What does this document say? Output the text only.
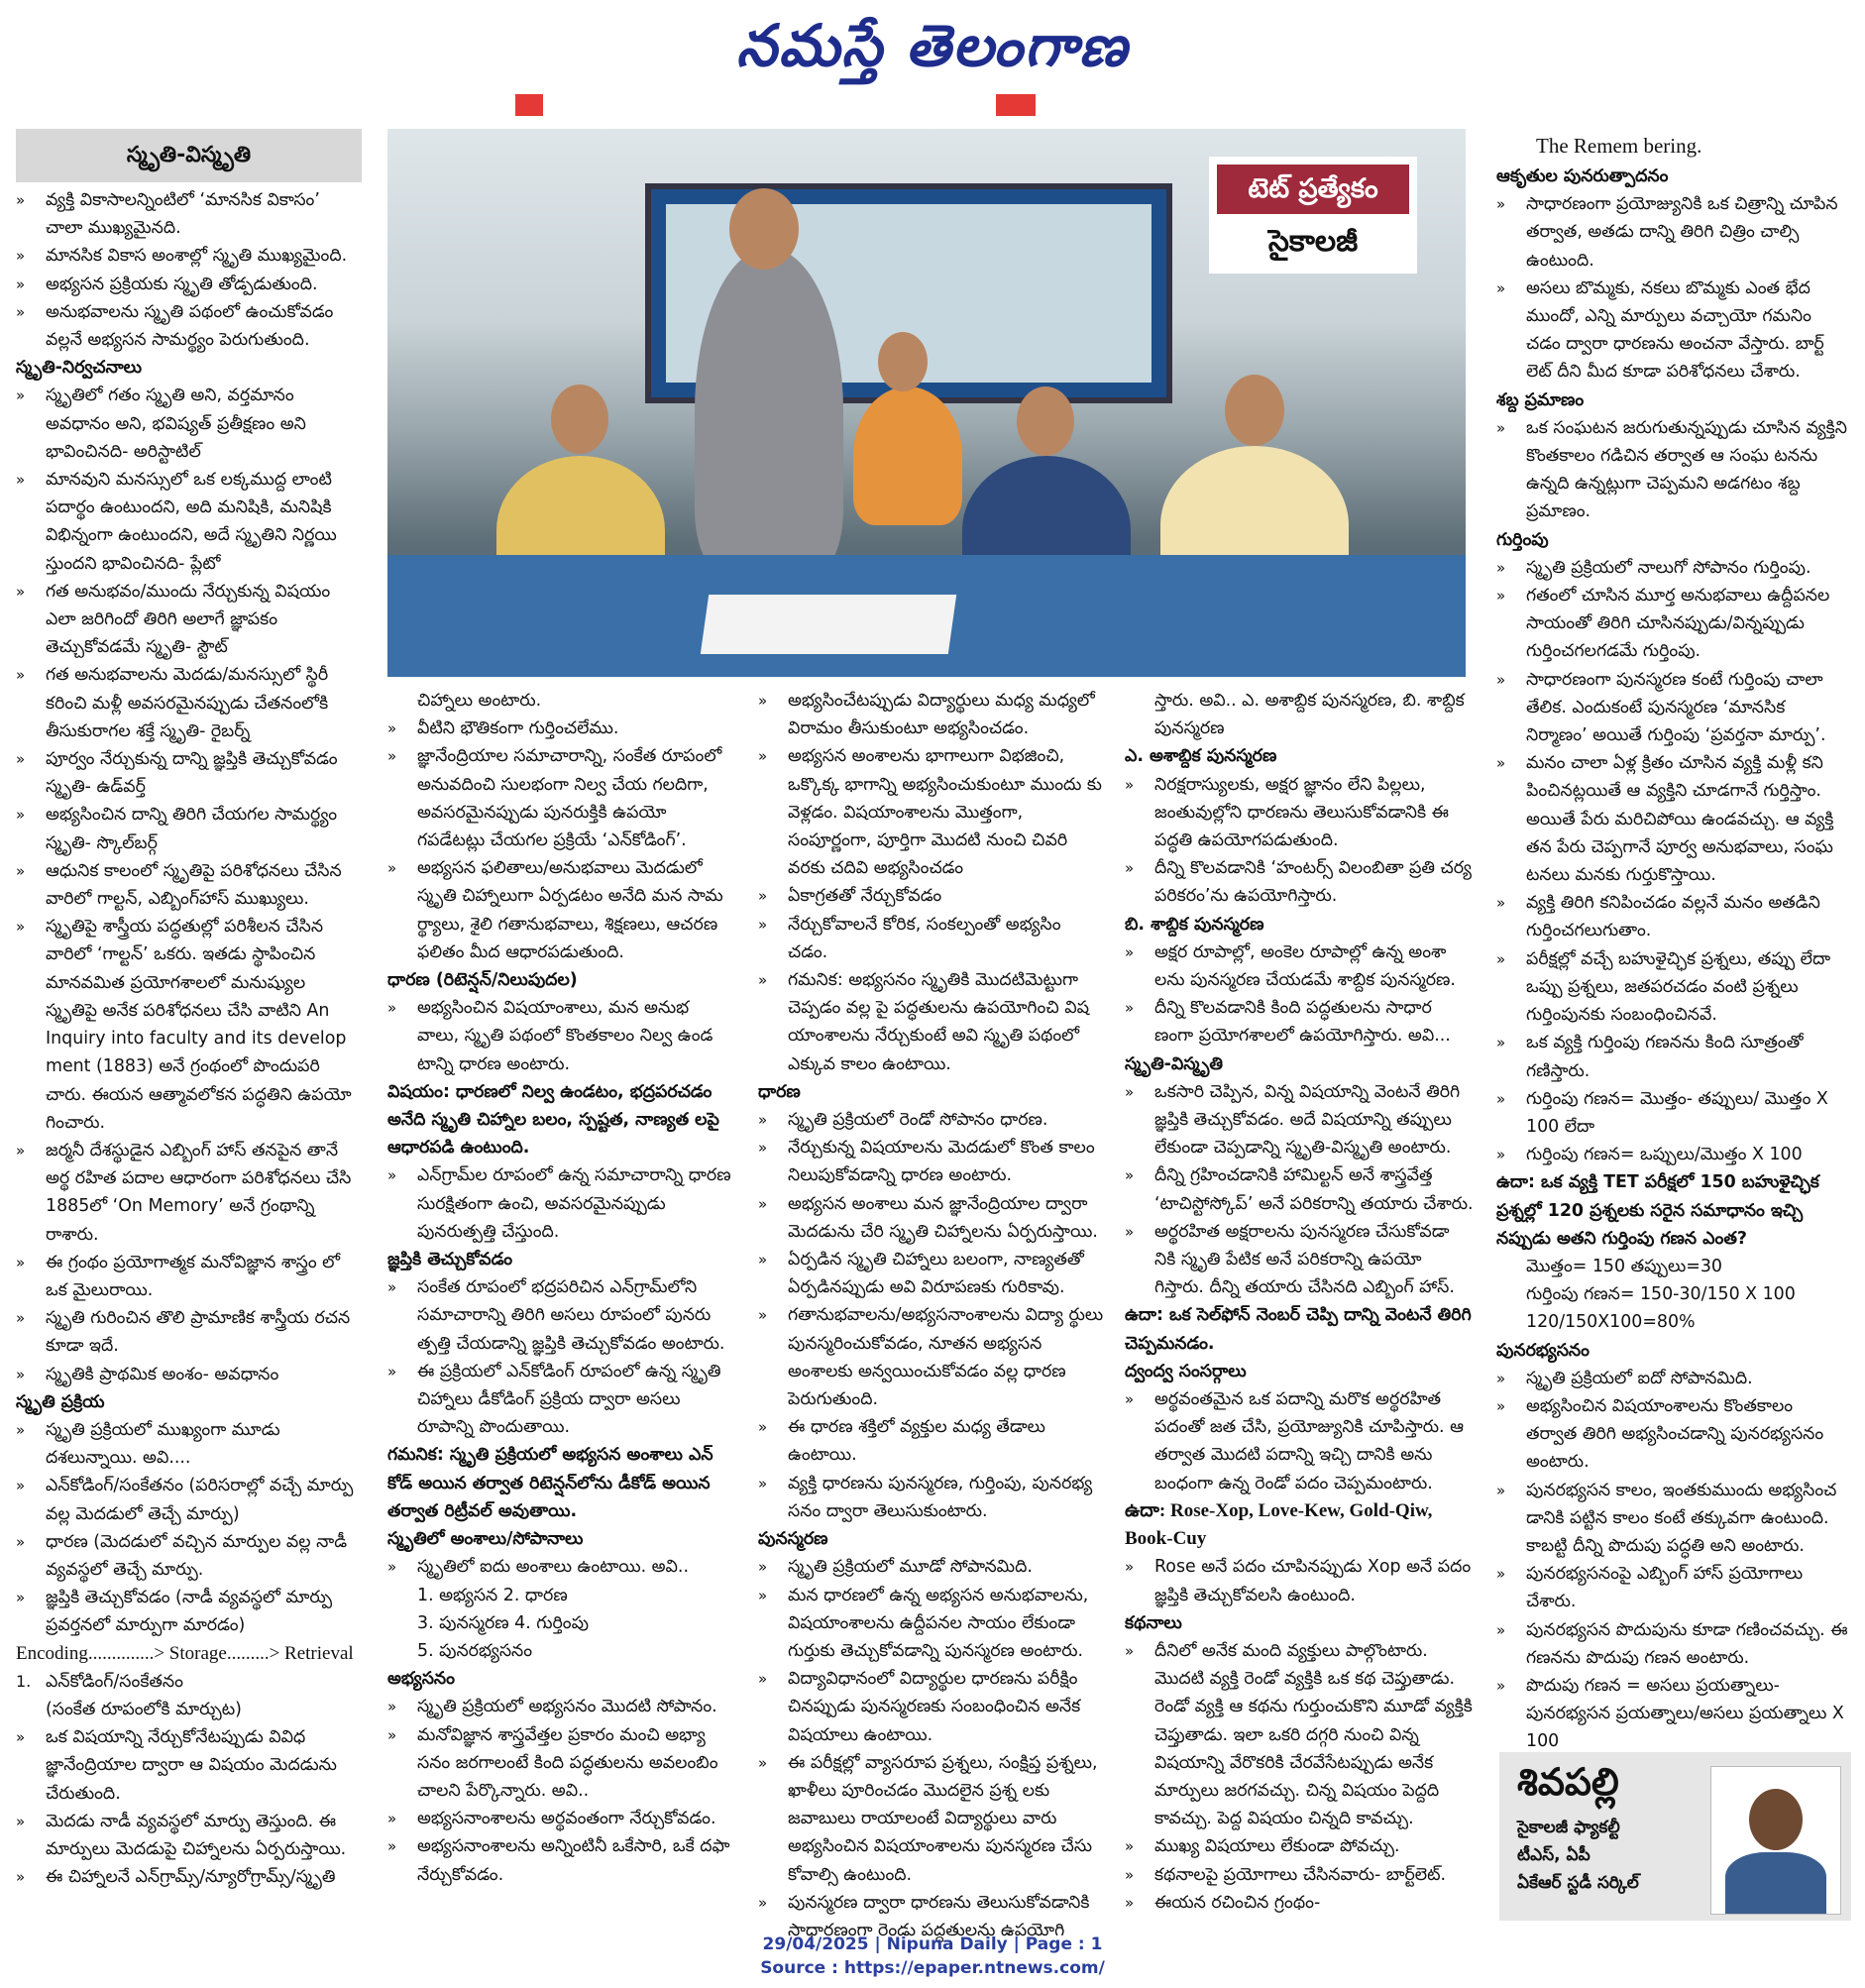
నమస్తే తెలంగాణ
స్మృతి-విస్మృతి
»	వ్యక్తి వికాసాలన్నింటిలో ‘మానసిక వికాసం’ చాలా ముఖ్యమైనది.
»	మానసిక వికాస అంశాల్లో స్మృతి ముఖ్యమైంది.
»	అభ్యసన ప్రక్రియకు స్మృతి తోడ్పడుతుంది.
»	అనుభవాలను స్మృతి పథంలో ఉంచుకోవడం వల్లనే అభ్యసన సామర్థ్యం పెరుగుతుంది.
స్మృతి-నిర్వచనాలు
»	స్మృతిలో గతం స్మృతి అని, వర్తమానం అవధానం అని, భవిష్యత్ ప్రతీక్షణం అని భావించినది- అరిస్టాటిల్
»	మానవుని మనస్సులో ఒక లక్కముద్ద లాంటి పదార్థం ఉంటుందని, అది మనిషికి, మనిషికి విభిన్నంగా ఉంటుందని, అదే స్మృతిని నిర్ణయి స్తుందని భావించినది- ప్లేటో
»	గత అనుభవం/ముందు నేర్చుకున్న విషయం ఎలా జరిగిందో తిరిగి అలాగే జ్ఞాపకం తెచ్చుకోవడమే స్మృతి- స్టౌట్
»	గత అనుభవాలను మెదడు/మనస్సులో స్థిరీ కరించి మళ్లీ అవసరమైనప్పుడు చేతనంలోకి తీసుకురాగల శక్తే స్మృతి- రైబర్న్
»	పూర్వం నేర్చుకున్న దాన్ని జ్ఞప్తికి తెచ్చుకోవడం స్మృతి- ఉడ్‌వర్త్
»	అభ్యసించిన దాన్ని తిరిగి చేయగల సామర్థ్యం స్మృతి- స్కొల్‌బర్గ్
»	ఆధునిక కాలంలో స్మృతిపై పరిశోధనలు చేసిన వారిలో గాల్టన్, ఎబ్బింగ్‌హాస్ ముఖ్యులు.
»	స్మృతిపై శాస్త్రీయ పద్ధతుల్లో పరిశీలన చేసిన వారిలో ‘గాల్టన్’ ఒకరు. ఇతడు స్థాపించిన మానవమిత ప్రయోగశాలలో మనుష్యుల స్మృతిపై అనేక పరిశోధనలు చేసి వాటిని An Inquiry into faculty and its develop ment (1883) అనే గ్రంథంలో పొందుపరి చారు. ఈయన ఆత్మావలోకన పద్ధతిని ఉపయో గించారు.
»	జర్మనీ దేశస్థుడైన ఎబ్బింగ్ హాస్ తనపైన తానే అర్థ రహిత పదాల ఆధారంగా పరిశోధనలు చేసి 1885లో ‘On Memory’ అనే గ్రంథాన్ని రాశారు.
»	ఈ గ్రంథం ప్రయోగాత్మక మనోవిజ్ఞాన శాస్త్రం లో ఒక మైలురాయి.
»	స్మృతి గురించిన తొలి ప్రామాణిక శాస్త్రీయ రచన కూడా ఇదే.
»	స్మృతికి ప్రాథమిక అంశం- అవధానం
స్మృతి ప్రక్రియ
»	స్మృతి ప్రక్రియలో ముఖ్యంగా మూడు దశలున్నాయి. అవి....
»	ఎన్‌కోడింగ్/సంకేతనం (పరిసరాల్లో వచ్చే మార్పు వల్ల మెదడులో తెచ్చే మార్పు)
»	ధారణ (మెదడులో వచ్చిన మార్పుల వల్ల నాడీ వ్యవస్థలో తెచ్చే మార్పు.
»	జ్ఞప్తికి తెచ్చుకోవడం (నాడీ వ్యవస్థలో మార్పు ప్రవర్తనలో మార్పుగా మారడం)
Encoding..............> Storage.........> Retrieval
1. ఎన్‌కోడింగ్/సంకేతనం
(సంకేత రూపంలోకి మార్చుట)
»	ఒక విషయాన్ని నేర్చుకోనేటప్పుడు వివిధ జ్ఞానేంద్రియాల ద్వారా ఆ విషయం మెదడును చేరుతుంది.
»	మెదడు నాడీ వ్యవస్థలో మార్పు తెస్తుంది. ఈ మార్పులు మెదడుపై చిహ్నాలను ఏర్పరుస్తాయి.
»	ఈ చిహ్నాలనే ఎన్‌గ్రామ్స్/న్యూరోగ్రామ్స్/స్మృతి
టెట్ ప్రత్యేకం
సైకాలజీ
చిహ్నాలు అంటారు.
»	వీటిని భౌతికంగా గుర్తించలేము.
»	జ్ఞానేంద్రియాల సమాచారాన్ని, సంకేత రూపంలో అనువదించి సులభంగా నిల్వ చేయ గలదిగా, అవసరమైనప్పుడు పునరుక్తికి ఉపయో గపడేటట్లు చేయగల ప్రక్రియే ‘ఎన్‌కోడింగ్’.
»	అభ్యసన ఫలితాలు/అనుభవాలు మెదడులో స్మృతి చిహ్నాలుగా ఏర్పడటం అనేది మన సామ ర్థ్యాలు, శైలి గతానుభవాలు, శిక్షణలు, ఆచరణ ఫలితం మీద ఆధారపడుతుంది.
ధారణ (రిటెన్షన్/నిలుపుదల)
»	అభ్యసించిన విషయాంశాలు, మన అనుభ వాలు, స్మృతి పథంలో కొంతకాలం నిల్వ ఉండ టాన్ని ధారణ అంటారు.
విషయం: ధారణలో నిల్వ ఉండటం, భద్రపరచడం అనేది స్మృతి చిహ్నాల బలం, స్పష్టత, నాణ్యత లపై ఆధారపడి ఉంటుంది.
»	ఎన్‌గ్రామ్‌ల రూపంలో ఉన్న సమాచారాన్ని ధారణ సురక్షితంగా ఉంచి, అవసరమైనప్పుడు పునరుత్పత్తి చేస్తుంది.
జ్ఞప్తికి తెచ్చుకోవడం
»	సంకేత రూపంలో భద్రపరిచిన ఎన్‌గ్రామ్‌లోని సమాచారాన్ని తిరిగి అసలు రూపంలో పునరు త్పత్తి చేయడాన్ని జ్ఞప్తికి తెచ్చుకోవడం అంటారు.
»	ఈ ప్రక్రియలో ఎన్‌కోడింగ్ రూపంలో ఉన్న స్మృతి చిహ్నాలు డీకోడింగ్ ప్రక్రియ ద్వారా అసలు రూపాన్ని పొందుతాయి.
గమనిక: స్మృతి ప్రక్రియలో అభ్యసన అంశాలు ఎన్ కోడ్ అయిన తర్వాత రిటెన్షన్‌లోను డీకోడ్ అయిన తర్వాత రిట్రీవల్ అవుతాయి.
స్మృతిలో అంశాలు/సోపానాలు
»	స్మృతిలో ఐదు అంశాలు ఉంటాయి. అవి..
1. అభ్యసన 2. ధారణ
3. పునస్మరణ 4. గుర్తింపు
5. పునరభ్యసనం
అభ్యసనం
»	స్మృతి ప్రక్రియలో అభ్యసనం మొదటి సోపానం.
»	మనోవిజ్ఞాన శాస్త్రవేత్తల ప్రకారం మంచి అభ్యా సనం జరగాలంటే కింది పద్ధతులను అవలంబిం చాలని పేర్కొన్నారు. అవి..
»	అభ్యసనాంశాలను అర్థవంతంగా నేర్చుకోవడం.
»	అభ్యసనాంశాలను అన్నింటినీ ఒకేసారి, ఒకే దఫా నేర్చుకోవడం.
»	అభ్యసించేటప్పుడు విద్యార్థులు మధ్య మధ్యలో విరామం తీసుకుంటూ అభ్యసించడం.
»	అభ్యసన అంశాలను భాగాలుగా విభజించి, ఒక్కొక్క భాగాన్ని అభ్యసించుకుంటూ ముందు కు వెళ్లడం. విషయాంశాలను మొత్తంగా, సంపూర్ణంగా, పూర్తిగా మొదటి నుంచి చివరి వరకు చదివి అభ్యసించడం
»	ఏకాగ్రతతో నేర్చుకోవడం
»	నేర్చుకోవాలనే కోరిక, సంకల్పంతో అభ్యసిం చడం.
»	గమనిక: అభ్యసనం స్మృతికి మొదటిమెట్టుగా చెప్పడం వల్ల పై పద్ధతులను ఉపయోగించి విష యాంశాలను నేర్చుకుంటే అవి స్మృతి పథంలో ఎక్కువ కాలం ఉంటాయి.
ధారణ
»	స్మృతి ప్రక్రియలో రెండో సోపానం ధారణ.
»	నేర్చుకున్న విషయాలను మెదడులో కొంత కాలం నిలుపుకోవడాన్ని ధారణ అంటారు.
»	అభ్యసన అంశాలు మన జ్ఞానేంద్రియాల ద్వారా మెదడును చేరి స్మృతి చిహ్నాలను ఏర్పరుస్తాయి.
»	ఏర్పడిన స్మృతి చిహ్నాలు బలంగా, నాణ్యతతో ఏర్పడినప్పుడు అవి విరూపణకు గురికావు.
»	గతానుభవాలను/అభ్యసనాంశాలను విద్యా ర్థులు పునస్మరించుకోవడం, నూతన అభ్యసన అంశాలకు అన్వయించుకోవడం వల్ల ధారణ పెరుగుతుంది.
»	ఈ ధారణ శక్తిలో వ్యక్తుల మధ్య తేడాలు ఉంటాయి.
»	వ్యక్తి ధారణను పునస్మరణ, గుర్తింపు, పునరభ్య సనం ద్వారా తెలుసుకుంటారు.
పునస్మరణ
»	స్మృతి ప్రక్రియలో మూడో సోపానమిది.
»	మన ధారణలో ఉన్న అభ్యసన అనుభవాలను, విషయాంశాలను ఉద్దీపనల సాయం లేకుండా గుర్తుకు తెచ్చుకోవడాన్ని పునస్మరణ అంటారు.
»	విద్యావిధానంలో విద్యార్థుల ధారణను పరీక్షిం చినప్పుడు పునస్మరణకు సంబంధించిన అనేక విషయాలు ఉంటాయి.
»	ఈ పరీక్షల్లో వ్యాసరూప ప్రశ్నలు, సంక్షిప్త ప్రశ్నలు, ఖాళీలు పూరించడం మొదలైన ప్రశ్న లకు జవాబులు రాయాలంటే విద్యార్థులు వారు అభ్యసించిన విషయాంశాలను పునస్మరణ చేసు కోవాల్సి ఉంటుంది.
»	పునస్మరణ ద్వారా ధారణను తెలుసుకోవడానికి సాధారణంగా రెండు పద్ధతులను ఉపయోగి
స్తారు. అవి.. ఎ. అశాబ్దిక పునస్మరణ, బి. శాబ్దిక పునస్మరణ
ఎ. అశాబ్దిక పునస్మరణ
»	నిరక్షరాస్యులకు, అక్షర జ్ఞానం లేని పిల్లలు, జంతువుల్లోని ధారణను తెలుసుకోవడానికి ఈ పద్ధతి ఉపయోగపడుతుంది.
»	దీన్ని కొలవడానికి ‘హంటర్స్ విలంబితా ప్రతి చర్య పరికరం’ను ఉపయోగిస్తారు.
బి. శాబ్దిక పునస్మరణ
»	అక్షర రూపాల్లో, అంకెల రూపాల్లో ఉన్న అంశా లను పునస్మరణ చేయడమే శాబ్దిక పునస్మరణ.
»	దీన్ని కొలవడానికి కింది పద్ధతులను సాధార ణంగా ప్రయోగశాలలో ఉపయోగిస్తారు. అవి...
స్మృతి-విస్మృతి
»	ఒకసారి చెప్పిన, విన్న విషయాన్ని వెంటనే తిరిగి జ్ఞప్తికి తెచ్చుకోవడం. అదే విషయాన్ని తప్పులు లేకుండా చెప్పడాన్ని స్మృతి-విస్మృతి అంటారు.
»	దీన్ని గ్రహించడానికి హామిల్టన్ అనే శాస్త్రవేత్త ‘టాచిస్టోస్కోప్’ అనే పరికరాన్ని తయారు చేశారు.
»	అర్థరహిత అక్షరాలను పునస్మరణ చేసుకోవడా నికి స్మృతి పేటిక అనే పరికరాన్ని ఉపయో గిస్తారు. దీన్ని తయారు చేసినది ఎబ్బింగ్ హాస్.
ఉదా: ఒక సెల్‌ఫోన్ నెంబర్ చెప్పి దాన్ని వెంటనే తిరిగి చెప్పమనడం.
ద్వంద్వ సంసర్గాలు
»	అర్థవంతమైన ఒక పదాన్ని మరొక అర్థరహిత పదంతో జత చేసి, ప్రయోజ్యునికి చూపిస్తారు. ఆ తర్వాత మొదటి పదాన్ని ఇచ్చి దానికి అను బంధంగా ఉన్న రెండో పదం చెప్పమంటారు.
ఉదా: Rose-Xop, Love-Kew, Gold-Qiw, Book-Cuy
»	Rose అనే పదం చూపినప్పుడు Xop అనే పదం జ్ఞప్తికి తెచ్చుకోవలసి ఉంటుంది.
కథనాలు
»	దీనిలో అనేక మంది వ్యక్తులు పాల్గొంటారు. మొదటి వ్యక్తి రెండో వ్యక్తికి ఒక కథ చెప్తుతాడు. రెండో వ్యక్తి ఆ కథను గుర్తుంచుకొని మూడో వ్యక్తికి చెప్తుతాడు. ఇలా ఒకరి దగ్గరి నుంచి విన్న విషయాన్ని వేరొకరికి చేరవేసేటప్పుడు అనేక మార్పులు జరగవచ్చు. చిన్న విషయం పెద్దది కావచ్చు. పెద్ద విషయం చిన్నది కావచ్చు.
»	ముఖ్య విషయాలు లేకుండా పోవచ్చు.
»	కథనాలపై ప్రయోగాలు చేసినవారు- బార్ట్‌లెట్.
»	ఈయన రచించిన గ్రంథం-
The Remem bering.
ఆకృతుల పునరుత్పాదనం
»	సాధారణంగా ప్రయోజ్యునికి ఒక చిత్రాన్ని చూపిన తర్వాత, అతడు దాన్ని తిరిగి చిత్రిం చాల్సి ఉంటుంది.
»	అసలు బొమ్మకు, నకలు బొమ్మకు ఎంత భేద ముందో, ఎన్ని మార్పులు వచ్చాయో గమనిం చడం ద్వారా ధారణను అంచనా వేస్తారు. బార్ట్ లెట్ దీని మీద కూడా పరిశోధనలు చేశారు.
శబ్ద ప్రమాణం
»	ఒక సంఘటన జరుగుతున్నప్పుడు చూసిన వ్యక్తిని కొంతకాలం గడిచిన తర్వాత ఆ సంఘ టనను ఉన్నది ఉన్నట్లుగా చెప్పమని అడగటం శబ్ద ప్రమాణం.
గుర్తింపు
»	స్మృతి ప్రక్రియలో నాలుగో సోపానం గుర్తింపు.
»	గతంలో చూసిన మూర్త అనుభవాలు ఉద్దీపనల సాయంతో తిరిగి చూసినప్పుడు/విన్నప్పుడు గుర్తించగలగడమే గుర్తింపు.
»	సాధారణంగా పునస్మరణ కంటే గుర్తింపు చాలా తేలిక. ఎందుకంటే పునస్మరణ ‘మానసిక నిర్మాణం’ అయితే గుర్తింపు ‘ప్రవర్తనా మార్పు’.
»	మనం చాలా ఏళ్ల క్రితం చూసిన వ్యక్తి మళ్లీ కని పించినట్లయితే ఆ వ్యక్తిని చూడగానే గుర్తిస్తాం. అయితే పేరు మరిచిపోయి ఉండవచ్చు. ఆ వ్యక్తి తన పేరు చెప్పగానే పూర్వ అనుభవాలు, సంఘ టనలు మనకు గుర్తుకొస్తాయి.
»	వ్యక్తి తిరిగి కనిపించడం వల్లనే మనం అతడిని గుర్తించగలుగుతాం.
»	పరీక్షల్లో వచ్చే బహుళైచ్ఛిక ప్రశ్నలు, తప్పు లేదా ఒప్పు ప్రశ్నలు, జతపరచడం వంటి ప్రశ్నలు గుర్తింపునకు సంబంధించినవే.
»	ఒక వ్యక్తి గుర్తింపు గణనను కింది సూత్రంతో గణిస్తారు.
»	గుర్తింపు గణన= మొత్తం- తప్పులు/ మొత్తం X 100 లేదా
»	గుర్తింపు గణన= ఒప్పులు/మొత్తం X 100
ఉదా: ఒక వ్యక్తి TET పరీక్షలో 150 బహుళైచ్ఛిక ప్రశ్నల్లో 120 ప్రశ్నలకు సరైన సమాధానం ఇచ్చి నప్పుడు అతని గుర్తింపు గణన ఎంత?
మొత్తం= 150 తప్పులు=30
గుర్తింపు గణన= 150-30/150 X 100
120/150X100=80%
పునరభ్యసనం
»	స్మృతి ప్రక్రియలో ఐదో సోపానమిది.
»	అభ్యసించిన విషయాంశాలను కొంతకాలం తర్వాత తిరిగి అభ్యసించడాన్ని పునరభ్యసనం అంటారు.
»	పునరభ్యసన కాలం, ఇంతకుముందు అభ్యసించ డానికి పట్టిన కాలం కంటే తక్కువగా ఉంటుంది. కాబట్టి దీన్ని పొదుపు పద్ధతి అని అంటారు.
»	పునరభ్యసనంపై ఎబ్బింగ్ హాస్ ప్రయోగాలు చేశారు.
»	పునరభ్యసన పొదుపును కూడా గణించవచ్చు. ఈ గణనను పొదుపు గణన అంటారు.
»	పొదుపు గణన = అసలు ప్రయత్నాలు- పునరభ్యసన ప్రయత్నాలు/అసలు ప్రయత్నాలు X 100
శివపల్లి
సైకాలజీ ఫ్యాకల్టీ
టీఎస్, ఏపీ
ఏకేఆర్ స్టడీ సర్కిల్
29/04/2025 | Nipuna Daily | Page : 1
Source : https://epaper.ntnews.com/
